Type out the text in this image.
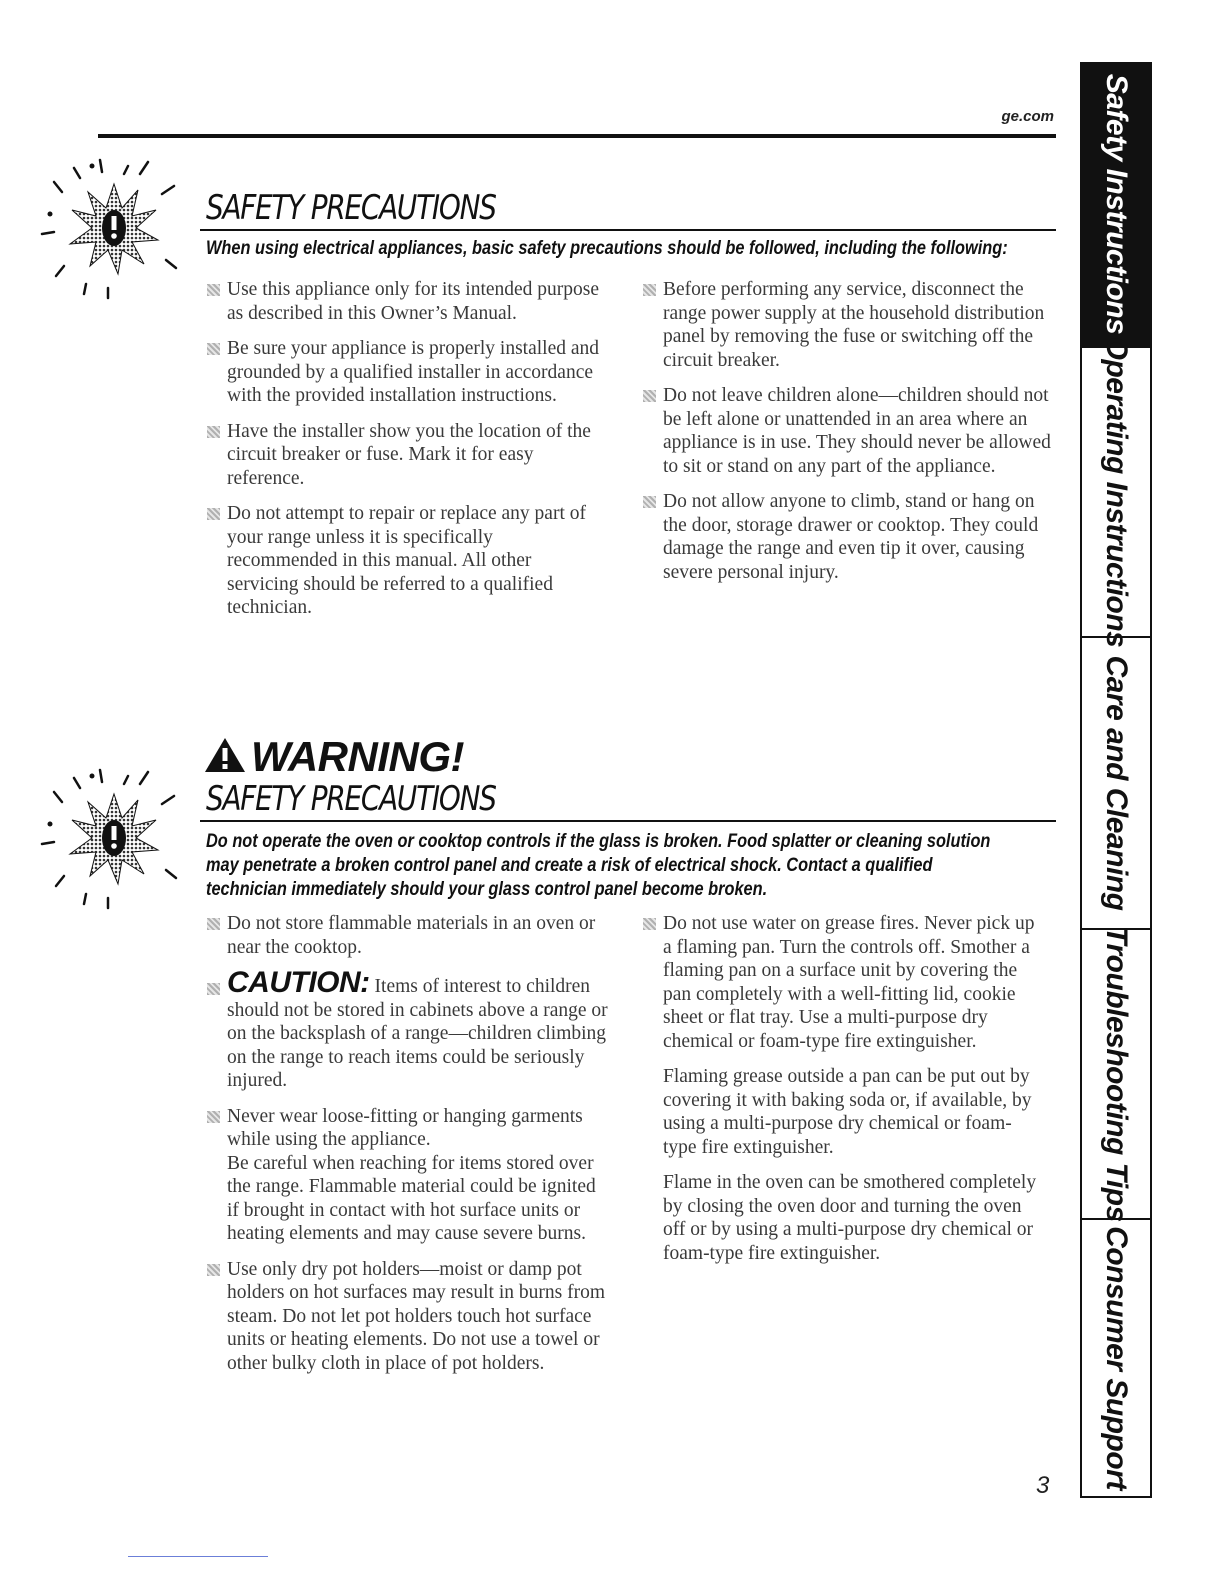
ge.com
SAFETY PRECAUTIONS
When using electrical appliances, basic safety precautions should be followed, including the following:
Use this appliance only for its intended purpose as described in this Owner’s Manual.
Be sure your appliance is properly installed and grounded by a qualified installer in accordance with the provided installation instructions.
Have the installer show you the location of the circuit breaker or fuse. Mark it for easy reference.
Do not attempt to repair or replace any part of your range unless it is specifically recommended in this manual. All other servicing should be referred to a qualified technician.
Before performing any service, disconnect the range power supply at the household distribution panel by removing the fuse or switching off the circuit breaker.
Do not leave children alone—children should not be left alone or unattended in an area where an appliance is in use. They should never be allowed to sit or stand on any part of the appliance.
Do not allow anyone to climb, stand or hang on the door, storage drawer or cooktop. They could damage the range and even tip it over, causing severe personal injury.
WARNING!
SAFETY PRECAUTIONS
Do not operate the oven or cooktop controls if the glass is broken. Food splatter or cleaning solution
may penetrate a broken control panel and create a risk of electrical shock. Contact a qualified
technician immediately should your glass control panel become broken.
Do not store flammable materials in an oven or near the cooktop.
CAUTION: Items of interest to children should not be stored in cabinets above a range or on the backsplash of a range—children climbing on the range to reach items could be seriously injured.
Never wear loose-fitting or hanging garments while using the appliance.
Be careful when reaching for items stored over the range. Flammable material could be ignited if brought in contact with hot surface units or heating elements and may cause severe burns.
Use only dry pot holders—moist or damp pot holders on hot surfaces may result in burns from steam. Do not let pot holders touch hot surface units or heating elements. Do not use a towel or other bulky cloth in place of pot holders.
Do not use water on grease fires. Never pick up a flaming pan. Turn the controls off. Smother a flaming pan on a surface unit by covering the pan completely with a well-fitting lid, cookie sheet or flat tray. Use a multi-purpose dry chemical or foam-type fire extinguisher.
Flaming grease outside a pan can be put out by covering it with baking soda or, if available, by using a multi-purpose dry chemical or foam-type fire extinguisher.
Flame in the oven can be smothered completely by closing the oven door and turning the oven off or by using a multi-purpose dry chemical or foam-type fire extinguisher.
Safety Instructions
Operating Instructions
Care and Cleaning
Troubleshooting Tips
Consumer Support
3
